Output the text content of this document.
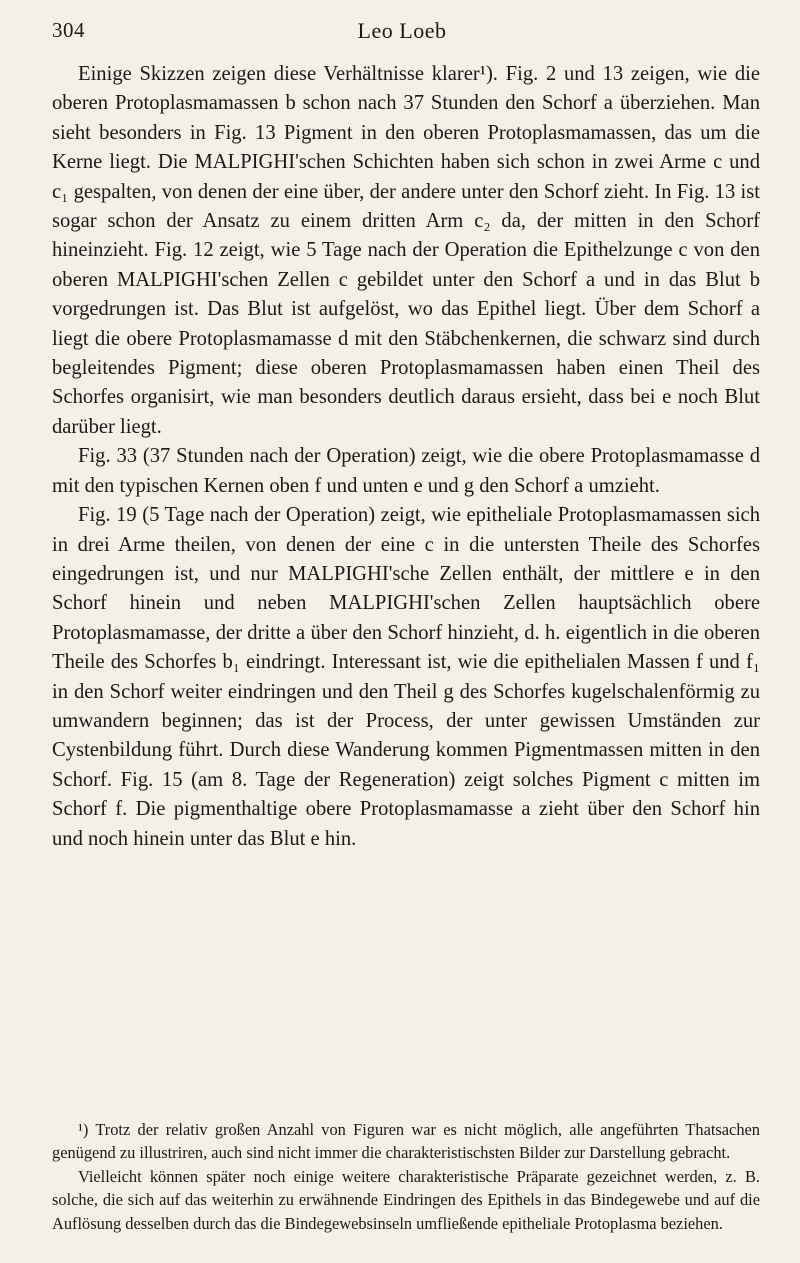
304	Leo Loeb

Einige Skizzen zeigen diese Verhältnisse klarer¹). Fig. 2 und 13 zeigen, wie die oberen Protoplasmamassen b schon nach 37 Stunden den Schorf a überziehen. Man sieht besonders in Fig. 13 Pigment in den oberen Protoplasmamassen, das um die Kerne liegt. Die MALPIGHI'schen Schichten haben sich schon in zwei Arme c und c₁ gespalten, von denen der eine über, der andere unter den Schorf zieht. In Fig. 13 ist sogar schon der Ansatz zu einem dritten Arm c₂ da, der mitten in den Schorf hineinzieht. Fig. 12 zeigt, wie 5 Tage nach der Operation die Epithelzunge c von den oberen MALPIGHI'schen Zellen c gebildet unter den Schorf a und in das Blut b vorgedrungen ist. Das Blut ist aufgelöst, wo das Epithel liegt. Über dem Schorf a liegt die obere Protoplasmamasse d mit den Stäbchenkernen, die schwarz sind durch begleitendes Pigment; diese oberen Protoplasmamassen haben einen Theil des Schorfes organisirt, wie man besonders deutlich daraus ersieht, dass bei e noch Blut darüber liegt.

Fig. 33 (37 Stunden nach der Operation) zeigt, wie die obere Protoplasmamasse d mit den typischen Kernen oben f und unten e und g den Schorf a umzieht.

Fig. 19 (5 Tage nach der Operation) zeigt, wie epitheliale Protoplasmamassen sich in drei Arme theilen, von denen der eine c in die untersten Theile des Schorfes eingedrungen ist, und nur MALPIGHI'sche Zellen enthält, der mittlere e in den Schorf hinein und neben MALPIGHI'schen Zellen hauptsächlich obere Protoplasmamasse, der dritte a über den Schorf hinzieht, d. h. eigentlich in die oberen Theile des Schorfes b₁ eindringt. Interessant ist, wie die epithelialen Massen f und f₁ in den Schorf weiter eindringen und den Theil g des Schorfes kugelschalenförmig zu umwandern beginnen; das ist der Process, der unter gewissen Umständen zur Cystenbildung führt. Durch diese Wanderung kommen Pigmentmassen mitten in den Schorf. Fig. 15 (am 8. Tage der Regeneration) zeigt solches Pigment c mitten im Schorf f. Die pigmenthaltige obere Protoplasmamasse a zieht über den Schorf hin und noch hinein unter das Blut e hin.

¹) Trotz der relativ großen Anzahl von Figuren war es nicht möglich, alle angeführten Thatsachen genügend zu illustriren, auch sind nicht immer die charakteristischsten Bilder zur Darstellung gebracht.

Vielleicht können später noch einige weitere charakteristische Präparate gezeichnet werden, z. B. solche, die sich auf das weiterhin zu erwähnende Eindringen des Epithels in das Bindegewebe und auf die Auflösung desselben durch das die Bindegewebsinseln umfließende epitheliale Protoplasma beziehen.
